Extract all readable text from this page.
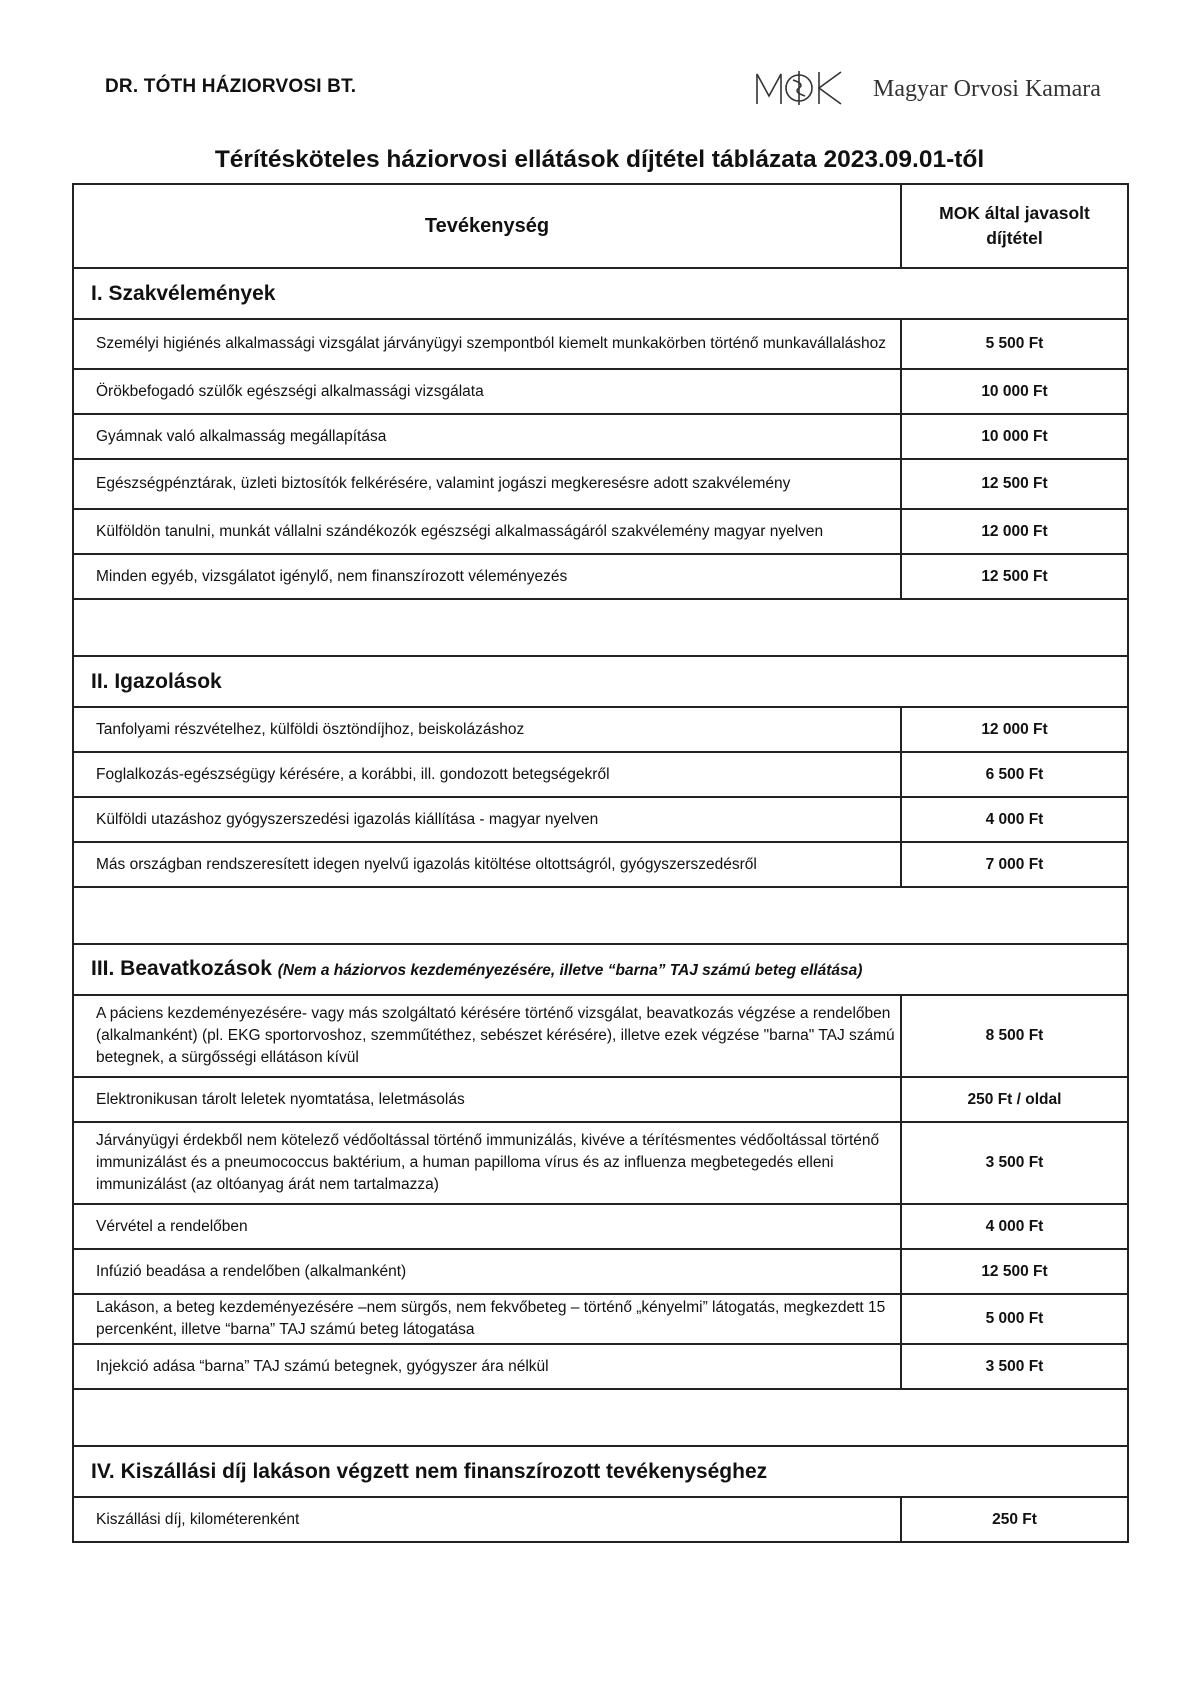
DR. TÓTH HÁZIORVOSI BT.	Magyar Orvosi Kamara
Térítésköteles háziorvosi ellátások díjtétel táblázata 2023.09.01-től
Tevékenység	MOK által javasolt
díjtétel
I. Szakvélemények	
Személyi higiénés alkalmassági vizsgálat járványügyi szempontból kiemelt munkakörben történő munkavállaláshoz	5 500 Ft
Örökbefogadó szülők egészségi alkalmassági vizsgálata	10 000 Ft
Gyámnak való alkalmasság megállapítása	10 000 Ft
Egészségpénztárak, üzleti biztosítók felkérésére, valamint jogászi megkeresésre adott szakvélemény	12 500 Ft
Külföldön tanulni, munkát vállalni szándékozók egészségi alkalmasságáról szakvélemény magyar nyelven	12 000 Ft
Minden egyéb, vizsgálatot igénylő, nem finanszírozott véleményezés	12 500 Ft

II. Igazolások	
Tanfolyami részvételhez, külföldi ösztöndíjhoz, beiskolázáshoz	12 000 Ft
Foglalkozás-egészségügy kérésére, a korábbi, ill. gondozott betegségekről	6 500 Ft
Külföldi utazáshoz gyógyszerszedési igazolás kiállítása - magyar nyelven	4 000 Ft
Más országban rendszeresített idegen nyelvű igazolás kitöltése oltottságról, gyógyszerszedésről	7 000 Ft

III. Beavatkozások (Nem a háziorvos kezdeményezésére, illetve “barna” TAJ számú beteg ellátása)	
A páciens kezdeményezésére- vagy más szolgáltató kérésére történő vizsgálat, beavatkozás végzése a rendelőben (alkalmanként) (pl. EKG sportorvoshoz, szemműtéthez, sebészet kérésére), illetve ezek végzése "barna" TAJ számú betegnek, a sürgősségi ellátáson kívül	8 500 Ft
Elektronikusan tárolt leletek nyomtatása, leletmásolás	250 Ft / oldal
Járványügyi érdekből nem kötelező védőoltással történő immunizálás, kivéve a térítésmentes védőoltással történő immunizálást és a pneumococcus baktérium, a human papilloma vírus és az influenza megbetegedés elleni immunizálást (az oltóanyag árát nem tartalmazza)	3 500 Ft
Vérvétel a rendelőben	4 000 Ft
Infúzió beadása a rendelőben (alkalmanként)	12 500 Ft
Lakáson, a beteg kezdeményezésére –nem sürgős, nem fekvőbeteg – történő „kényelmi” látogatás, megkezdett 15 percenként, illetve “barna” TAJ számú beteg látogatása	5 000 Ft
Injekció adása “barna” TAJ számú betegnek, gyógyszer ára nélkül	3 500 Ft

IV. Kiszállási díj lakáson végzett nem finanszírozott tevékenységhez	
Kiszállási díj, kilométerenként	250 Ft
